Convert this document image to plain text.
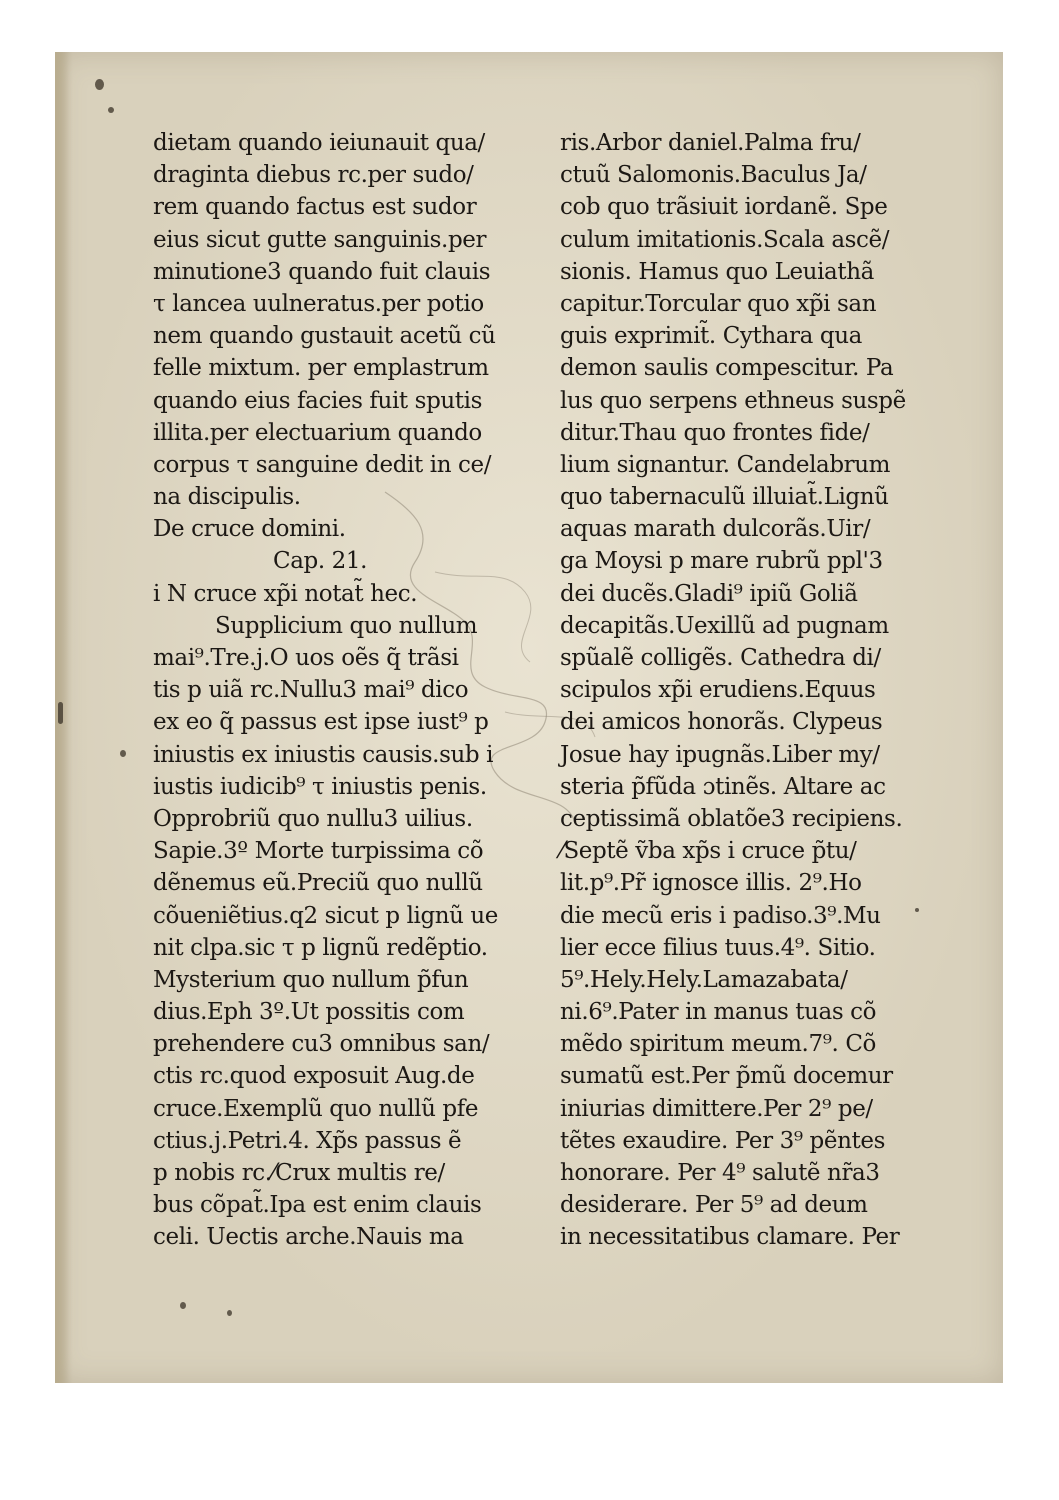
dietam quando ieiunauit qua/
draginta diebus rc.per sudo/
rem quando factus est sudor
eius sicut gutte sanguinis.per
minutione3 quando fuit clauis
τ lancea uulneratus.per potio
nem quando gustauit acetũ cũ
felle mixtum. per emplastrum
quando eius facies fuit sputis
illita.per electuarium quando
corpus τ sanguine dedit in ce/
na discipulis.
De cruce domini.
Cap. 21.
i N cruce xp̃i notat̃ hec.
Supplicium quo nullum
mai⁹.Tre.j.O uos oẽs q̃ trãsi
tis p uiã rc.Nullu3 mai⁹ dico
ex eo q̃ passus est ipse iust⁹ p
iniustis ex iniustis causis.sub i
iustis iudicib⁹ τ iniustis penis.
Opprobriũ quo nullu3 uilius.
Sapie.3º Morte turpissima cõ
dẽnemus eũ.Preciũ quo nullũ
cõueniẽtius.q2 sicut p lignũ ue
nit clpa.sic τ p lignũ redẽptio.
Mysterium quo nullum p̃fun
dius.Eph 3º.Ut possitis com
prehendere cu3 omnibus san/
ctis rc.quod exposuit Aug.de
cruce.Exemplũ quo nullũ pfe
ctius.j.Petri.4. Xp̃s passus ẽ
p nobis rc.⁄Crux multis re/
bus cõpat̃.Ipa est enim clauis
celi. Uectis arche.Nauis ma
ris.Arbor daniel.Palma fru/
ctuũ Salomonis.Baculus Ja/
cob quo trãsiuit iordanẽ. Spe
culum imitationis.Scala ascẽ/
sionis. Hamus quo Leuiathã
capitur.Torcular quo xp̃i san
guis exprimit̃. Cythara qua
demon saulis compescitur. Pa
lus quo serpens ethneus suspẽ
ditur.Thau quo frontes fide/
lium signantur. Candelabrum
quo tabernaculũ illuiat̃.Lignũ
aquas marath dulcorãs.Uir/
ga Moysi p mare rubrũ ppl'3
dei ducẽs.Gladi⁹ ipiũ Goliã
decapitãs.Uexillũ ad pugnam
spũalẽ colligẽs. Cathedra di/
scipulos xp̃i erudiens.Equus
dei amicos honorãs. Clypeus
Josue hay ipugnãs.Liber my/
steria p̃fũda ɔtinẽs. Altare ac
ceptissimã oblatõe3 recipiens.
⁄Septẽ ṽba xp̃s i cruce p̃tu/
lit.p⁹.Pr̃ ignosce illis. 2⁹.Ho
die mecũ eris i padiso.3⁹.Mu
lier ecce filius tuus.4⁹. Sitio.
5⁹.Hely.Hely.Lamazabata/
ni.6⁹.Pater in manus tuas cõ
mẽdo spiritum meum.7⁹. Cõ
sumatũ est.Per p̃mũ docemur
iniurias dimittere.Per 2⁹ pe/
tẽtes exaudire. Per 3⁹ pẽntes
honorare. Per 4⁹ salutẽ nr̃a3
desiderare. Per 5⁹ ad deum
in necessitatibus clamare. Per
